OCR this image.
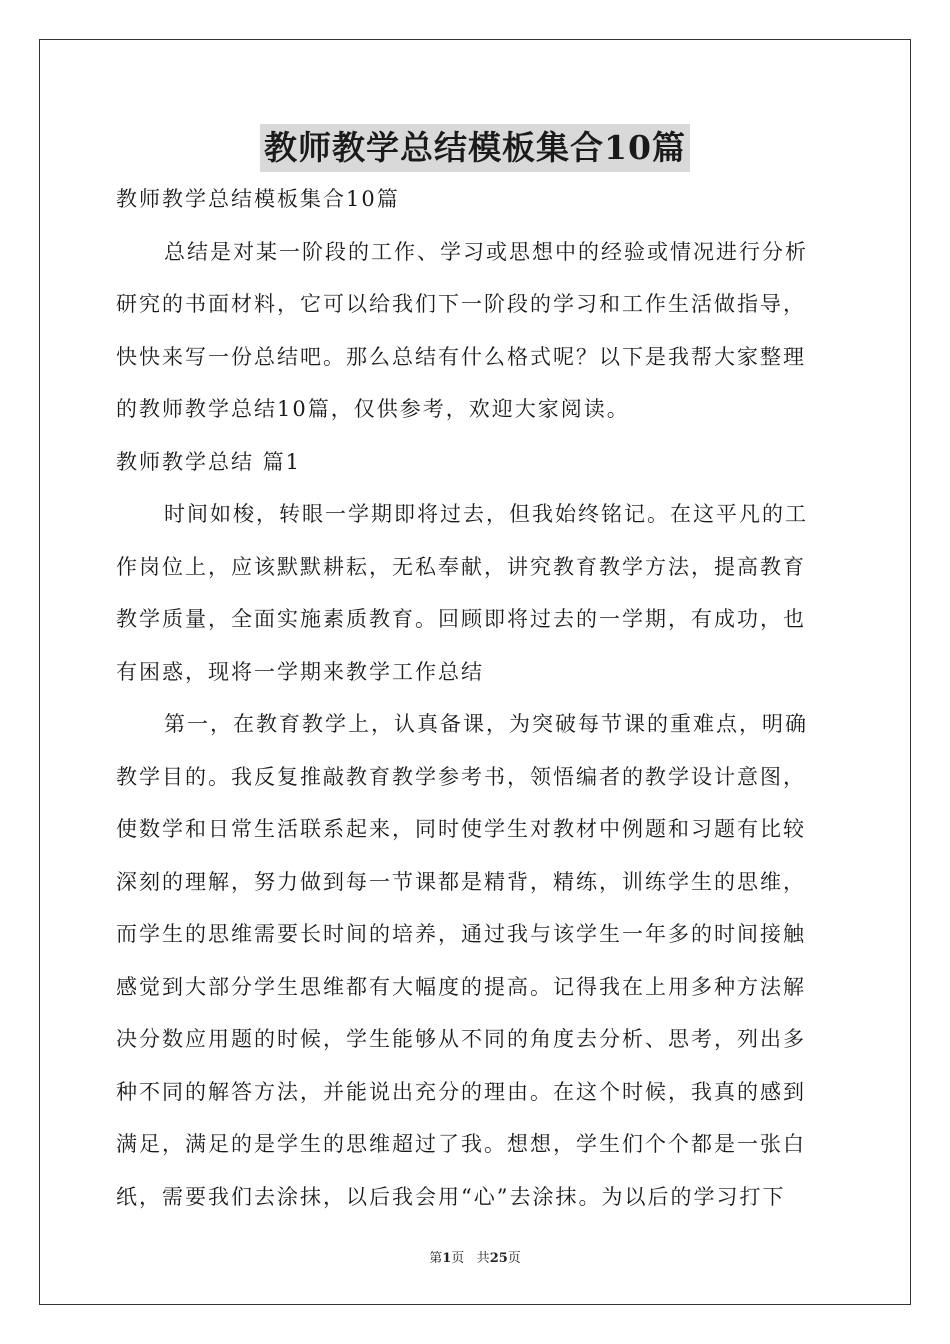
教师教学总结模板集合10篇
教师教学总结模板集合10篇
总结是对某一阶段的工作、学习或思想中的经验或情况进行分析
研究的书面材料，它可以给我们下一阶段的学习和工作生活做指导，
快快来写一份总结吧。那么总结有什么格式呢？以下是我帮大家整理
的教师教学总结10篇，仅供参考，欢迎大家阅读。
教师教学总结 篇1
时间如梭，转眼一学期即将过去，但我始终铭记。在这平凡的工
作岗位上，应该默默耕耘，无私奉献，讲究教育教学方法，提高教育
教学质量，全面实施素质教育。回顾即将过去的一学期，有成功，也
有困惑，现将一学期来教学工作总结
第一，在教育教学上，认真备课，为突破每节课的重难点，明确
教学目的。我反复推敲教育教学参考书，领悟编者的教学设计意图，
使数学和日常生活联系起来，同时使学生对教材中例题和习题有比较
深刻的理解，努力做到每一节课都是精背，精练，训练学生的思维，
而学生的思维需要长时间的培养，通过我与该学生一年多的时间接触
感觉到大部分学生思维都有大幅度的提高。记得我在上用多种方法解
决分数应用题的时候，学生能够从不同的角度去分析、思考，列出多
种不同的解答方法，并能说出充分的理由。在这个时候，我真的感到
满足，满足的是学生的思维超过了我。想想，学生们个个都是一张白
纸，需要我们去涂抹，以后我会用“心”去涂抹。为以后的学习打下
第1页 共25页
